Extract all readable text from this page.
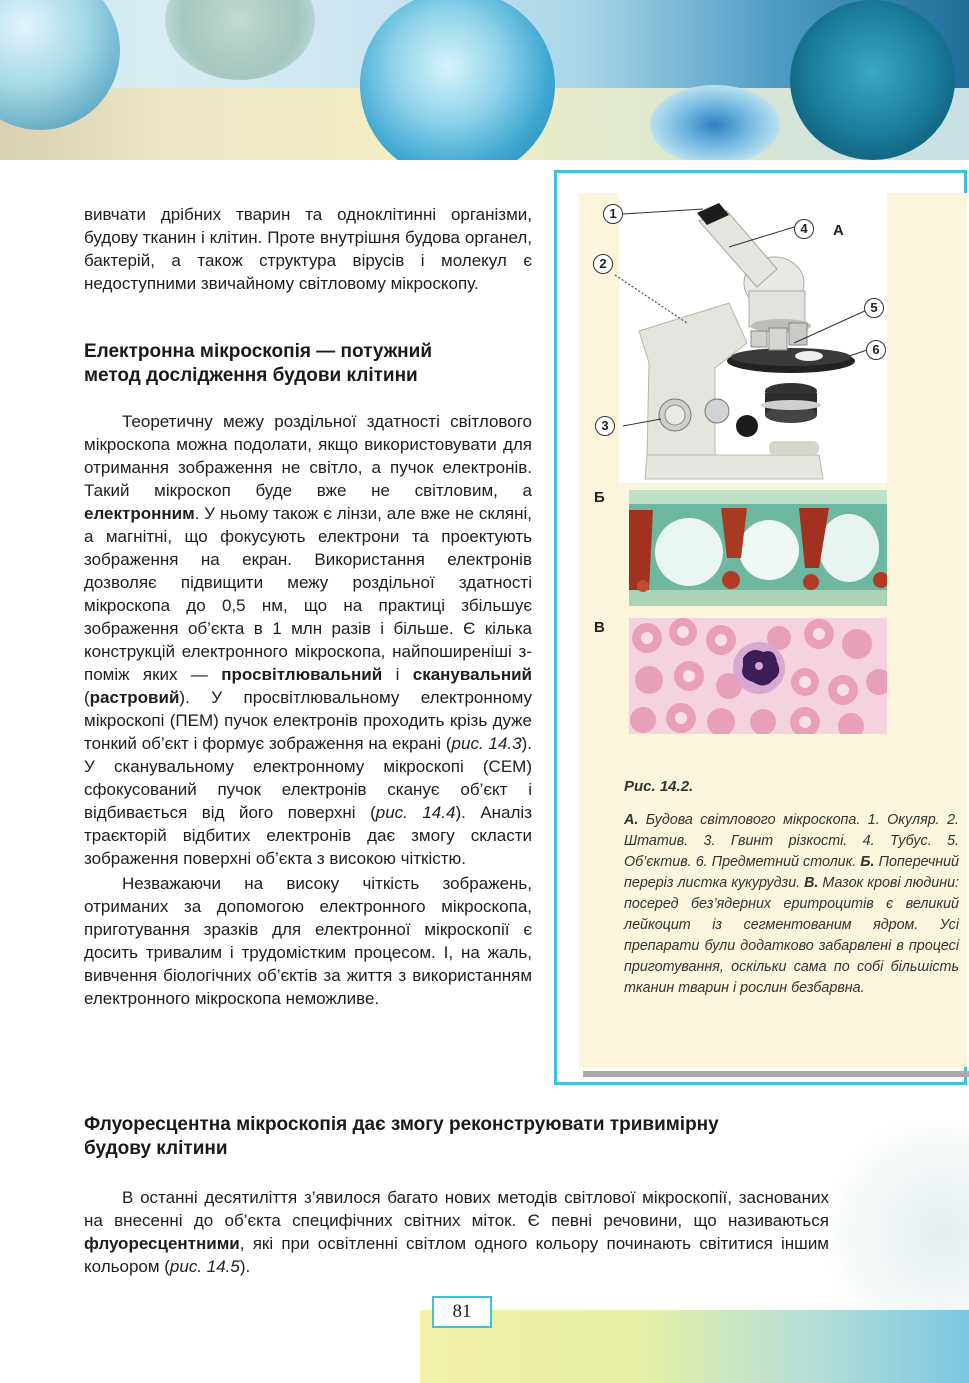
вивчати дрібних тварин та одноклітинні організми, будову тканин і клітин. Проте внутрішня будова органел, бактерій, а також структура вірусів і молекул є недоступними звичайному світловому мікроскопу.

Електронна мікроскопія — потужний
метод дослідження будови клітини

Теоретичну межу роздільної здатності світлового мікроскопа можна подолати, якщо використовувати для отримання зображення не світло, а пучок електронів. Такий мікроскоп буде вже не світловим, а електронним. У ньому також є лінзи, але вже не скляні, а магнітні, що фокусують електрони та проектують зображення на екран. Використання електронів дозволяє підвищити межу роздільної здатності мікроскопа до 0,5 нм, що на практиці збільшує зображення об’єкта в 1 млн разів і більше. Є кілька конструкцій електронного мікроскопа, найпоширеніші з-поміж яких — просвітлювальний і сканувальний (растровий). У просвітлювальному електронному мікроскопі (ПЕМ) пучок електронів проходить крізь дуже тонкий об’єкт і формує зображення на екрані (рис. 14.3). У сканувальному електронному мікроскопі (СЕМ) сфокусований пучок електронів сканує об’єкт і відбивається від його поверхні (рис. 14.4). Аналіз траєкторій відбитих електронів дає змогу скласти зображення поверхні об’єкта з високою чіткістю.

Незважаючи на високу чіткість зображень, отриманих за допомогою електронного мікроскопа, приготування зразків для електронної мікроскопії є досить тривалим і трудомістким процесом. І, на жаль, вивчення біологічних об’єктів за життя з використанням електронного мікроскопа неможливе.

1
2
3
4
5
6
А
Б
В
Рис. 14.2.
А. Будова світлового мікроскопа. 1. Окуляр. 2. Штатив. 3. Гвинт різкості. 4. Тубус. 5. Об’єктив. 6. Предметний столик. Б. Поперечний переріз листка кукурудзи. В. Мазок крові людини: посеред без’ядерних еритроцитів є великий лейкоцит із сегментованим ядром. Усі препарати були додатково забарвлені в процесі приготування, оскільки сама по собі більшість тканин тварин і рослин безбарвна.
Флуоресцентна мікроскопія дає змогу реконструювати тривимірну
будову клітини

В останні десятиліття з’явилося багато нових методів світлової мікроскопії, заснованих на внесенні до об’єкта специфічних світних міток. Є певні речовини, що називаються флуоресцентними, які при освітленні світлом одного кольору починають світитися іншим кольором (рис. 14.5).

81
